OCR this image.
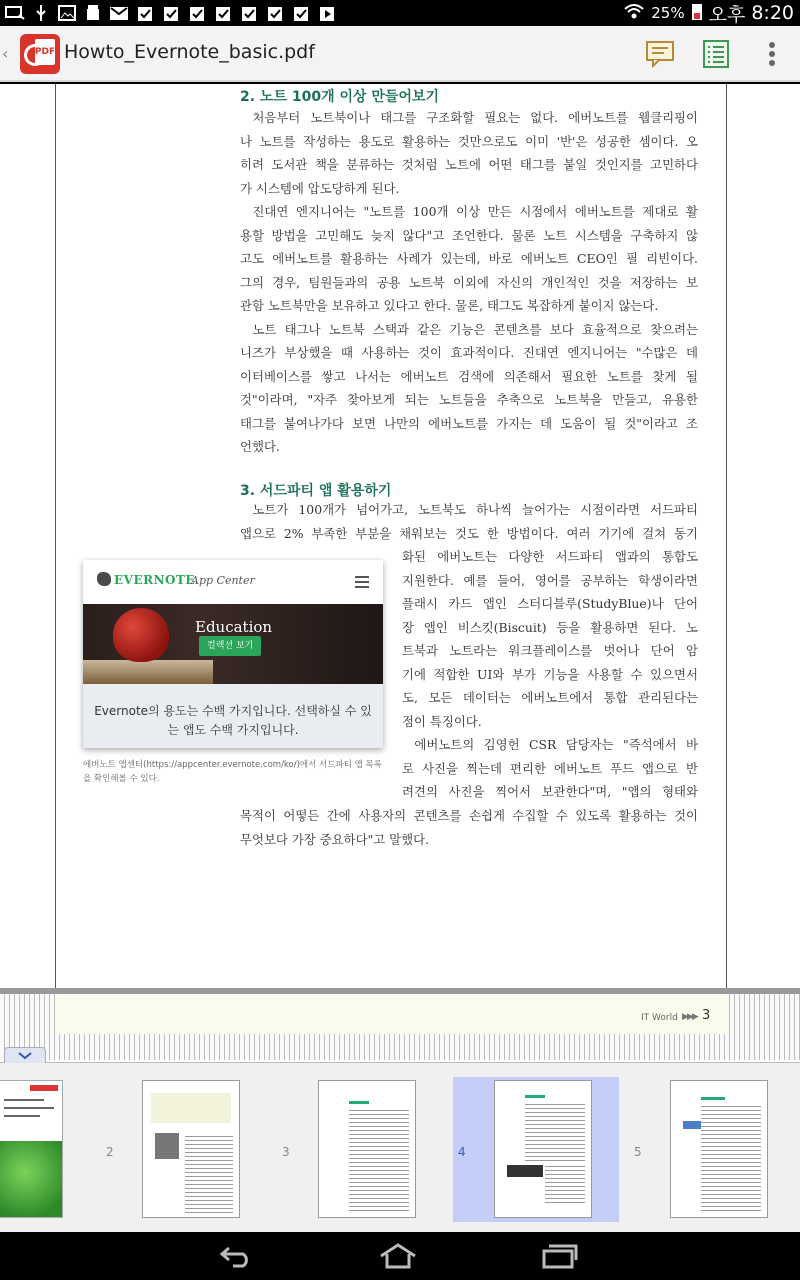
25% 오후 8:20
‹	PDF Howto_Evernote_basic.pdf
2. 노트 100개 이상 만들어보기
처음부터 노트북이나 태그를 구조화할 필요는 없다. 에버노트를 웹클리핑이
나 노트를 작성하는 용도로 활용하는 것만으로도 이미 '반'은 성공한 셈이다. 오
히려 도서관 책을 분류하는 것처럼 노트에 어떤 태그를 붙일 것인지를 고민하다
가 시스템에 압도당하게 된다.
진대연 엔지니어는 "노트를 100개 이상 만든 시점에서 에버노트를 제대로 활
용할 방법을 고민해도 늦지 않다"고 조언한다. 물론 노트 시스템을 구축하지 않
고도 에버노트를 활용하는 사례가 있는데, 바로 에버노트 CEO인 필 리빈이다.
그의 경우, 팀원들과의 공용 노트북 이외에 자신의 개인적인 것을 저장하는 보
관함 노트북만을 보유하고 있다고 한다. 물론, 태그도 복잡하게 붙이지 않는다.
노트 태그나 노트북 스택과 같은 기능은 콘텐츠를 보다 효율적으로 찾으려는
니즈가 부상했을 때 사용하는 것이 효과적이다. 진대연 엔지니어는 "수많은 데
이터베이스를 쌓고 나서는 에버노트 검색에 의존해서 필요한 노트를 찾게 될
것"이라며, "자주 찾아보게 되는 노트들을 추축으로 노트북을 만들고, 유용한
태그를 붙여나가다 보면 나만의 에버노트를 가지는 데 도움이 될 것"이라고 조
언했다.
3. 서드파티 앱 활용하기
노트가 100개가 넘어가고, 노트북도 하나씩 늘어가는 시점이라면 서드파티
앱으로 2% 부족한 부분을 채워보는 것도 한 방법이다. 여러 기기에 걸쳐 동기
화된 에버노트는 다양한 서드파티 앱과의 통합도
지원한다. 예를 들어, 영어를 공부하는 학생이라면
플래시 카드 앱인 스터디블루(StudyBlue)나 단어
장 앱인 비스킷(Biscuit) 등을 활용하면 된다. 노
트북과 노트라는 워크플레이스를 벗어나 단어 암
기에 적합한 UI와 부가 기능을 사용할 수 있으면서
도, 모든 데이터는 에버노트에서 통합 관리된다는
점이 특징이다.
에버노트의 김영헌 CSR 담당자는 "즉석에서 바
로 사진을 찍는데 편리한 에버노트 푸드 앱으로 반
려견의 사진을 찍어서 보관한다"며, "앱의 형태와
목적이 어떻든 간에 사용자의 콘텐츠를 손쉽게 수집할 수 있도록 활용하는 것이
무엇보다 가장 중요하다"고 말했다.
EVERNOTE
App Center
Education
컬렉션 보기
Evernote의 용도는 수백 가지입니다. 선택하실 수 있는 앱도 수백 가지입니다.
에버노트 앱센터(https://appcenter.evernote.com/ko/)에서 서드파티 앱 목록을 확인해볼 수 있다.
IT World ▶▶▶ 3
2	3	4	5
